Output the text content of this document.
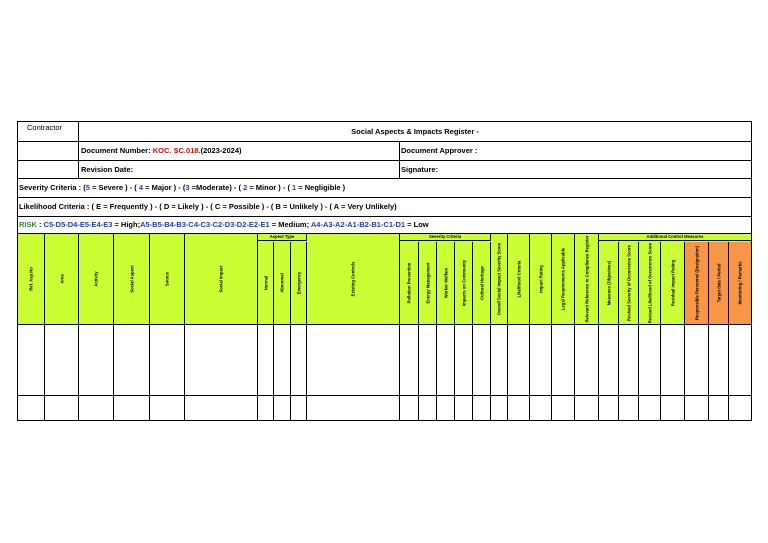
Contractor	Social Aspects & Impacts Register -
Document Number: KOC. SC.018.(2023-2024)	Document Approver :
Revision Date:	Signature:
Severity Criteria : (5 = Severe ) - ( 4 = Major ) - (3 =Moderate) - ( 2 = Minor ) - ( 1 = Negligible )
Likelihood Criteria : ( E = Frequently ) - ( D = Likely ) - ( C = Possible ) - ( B = Unlikely ) - ( A = Very Unlikely)
RISK : C5-D5-D4-E5-E4-E3 = High;A5-B5-B4-B3-C4-C3-C2-D3-D2-E2-E1 = Medium; A4-A3-A2-A1-B2-B1-C1-D1 = Low
Aspect Type	Severity Criteria	Additional Control Measures
Ref. Asp.No	Area	Activity	Social Aspect	Source	Social Impact	Normal	Abnormal	Emergency	Existing Controls	Pollution Prevention	Energy Management	Worker Welfare	Impacts on Community	Cultural Heritage	Overall Social Impact Severity Score	Likelihood Criteria	Impact Rating	Legal Requirements Applicable	Relevant Reference to Compliance Register	Measures (Objectives)	Revised Severity of Occurrence Score	Revised Likelihood of Occurrence Score	Residual Impact Rating	Responsible Personnel (Designation)	Target date / Period	Monitoring / Remarks
